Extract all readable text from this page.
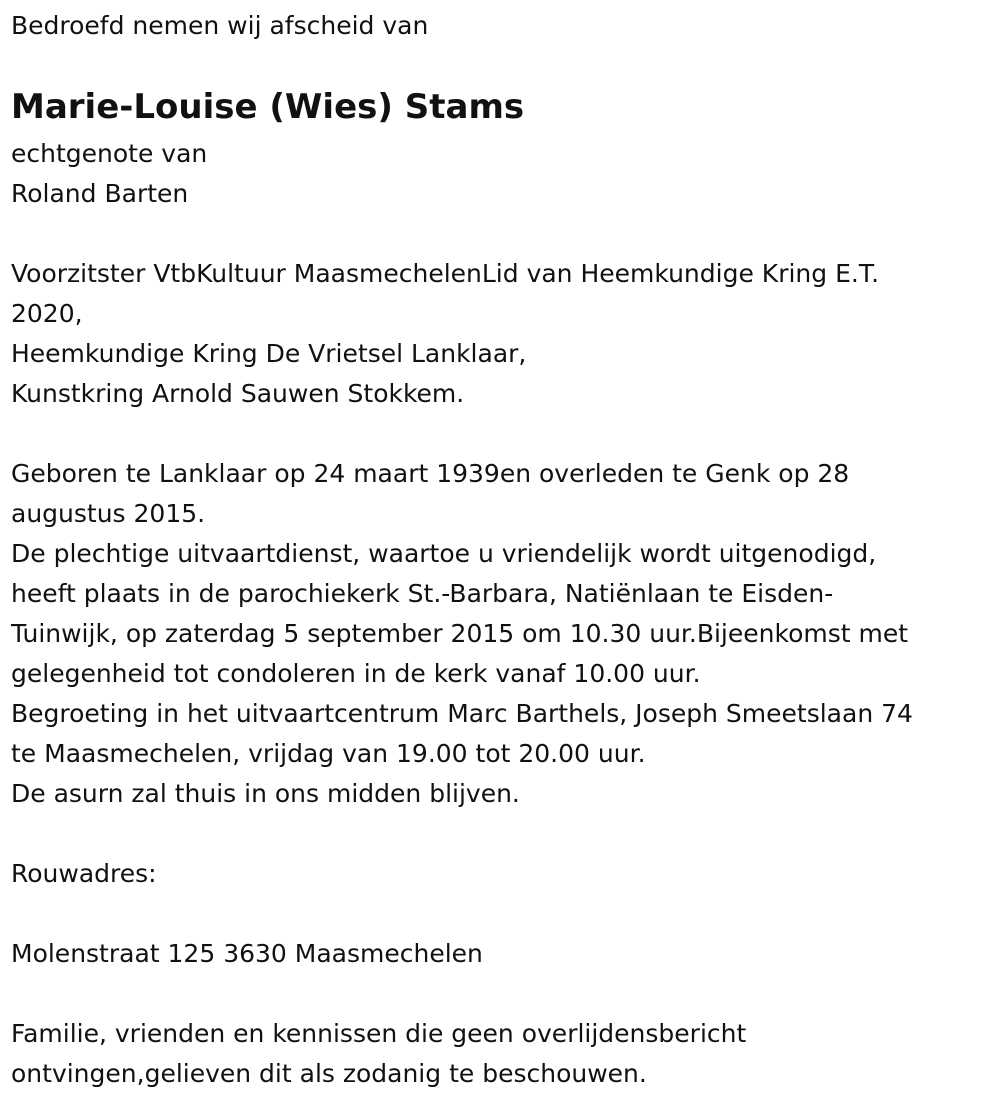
Bedroefd nemen wij afscheid van
Marie-Louise (Wies) Stams
echtgenote van
Roland Barten
Voorzitster VtbKultuur MaasmechelenLid van Heemkundige Kring E.T.
2020,
Heemkundige Kring De Vrietsel Lanklaar,
Kunstkring Arnold Sauwen Stokkem.
Geboren te Lanklaar op 24 maart 1939en overleden te Genk op 28
augustus 2015.
De plechtige uitvaartdienst, waartoe u vriendelijk wordt uitgenodigd,
heeft plaats in de parochiekerk St.-Barbara, Natiënlaan te Eisden-
Tuinwijk, op zaterdag 5 september 2015 om 10.30 uur.Bijeenkomst met
gelegenheid tot condoleren in de kerk vanaf 10.00 uur.
Begroeting in het uitvaartcentrum Marc Barthels, Joseph Smeetslaan 74
te Maasmechelen, vrijdag van 19.00 tot 20.00 uur.
De asurn zal thuis in ons midden blijven.
Rouwadres:
Molenstraat 125 3630 Maasmechelen
Familie, vrienden en kennissen die geen overlijdensbericht
ontvingen,gelieven dit als zodanig te beschouwen.
